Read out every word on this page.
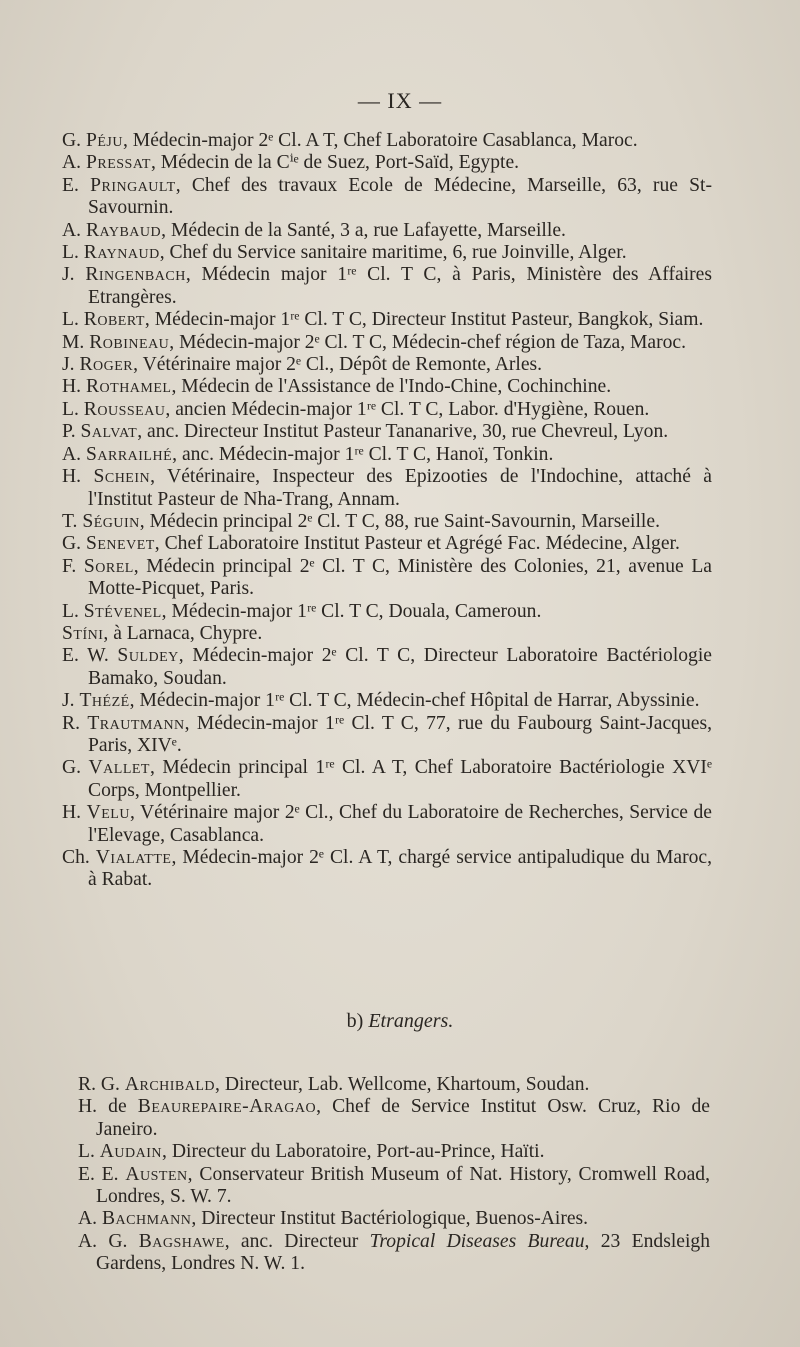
— IX —
G. Péju, Médecin-major 2ᵉ Cl. A T, Chef Laboratoire Casablanca, Maroc.
A. Pressat, Médecin de la Cⁱᵉ de Suez, Port-Saïd, Egypte.
E. Pringault, Chef des travaux Ecole de Médecine, Marseille, 63, rue St-Savournin.
A. Raybaud, Médecin de la Santé, 3 a, rue Lafayette, Marseille.
L. Raynaud, Chef du Service sanitaire maritime, 6, rue Joinville, Alger.
J. Ringenbach, Médecin major 1ʳᵉ Cl. T C, à Paris, Ministère des Affaires Etrangères.
L. Robert, Médecin-major 1ʳᵉ Cl. T C, Directeur Institut Pasteur, Bangkok, Siam.
M. Robineau, Médecin-major 2ᵉ Cl. T C, Médecin-chef région de Taza, Maroc.
J. Roger, Vétérinaire major 2ᵉ Cl., Dépôt de Remonte, Arles.
H. Rothamel, Médecin de l'Assistance de l'Indo-Chine, Cochinchine.
L. Rousseau, ancien Médecin-major 1ʳᵉ Cl. T C, Labor. d'Hygiène, Rouen.
P. Salvat, anc. Directeur Institut Pasteur Tananarive, 30, rue Chevreul, Lyon.
A. Sarrailhé, anc. Médecin-major 1ʳᵉ Cl. T C, Hanoï, Tonkin.
H. Schein, Vétérinaire, Inspecteur des Epizooties de l'Indochine, attaché à l'Institut Pasteur de Nha-Trang, Annam.
T. Séguin, Médecin principal 2ᵉ Cl. T C, 88, rue Saint-Savournin, Marseille.
G. Senevet, Chef Laboratoire Institut Pasteur et Agrégé Fac. Médecine, Alger.
F. Sorel, Médecin principal 2ᵉ Cl. T C, Ministère des Colonies, 21, avenue La Motte-Picquet, Paris.
L. Stévenel, Médecin-major 1ʳᵉ Cl. T C, Douala, Cameroun.
Stíni, à Larnaca, Chypre.
E. W. Suldey, Médecin-major 2ᵉ Cl. T C, Directeur Laboratoire Bactériologie Bamako, Soudan.
J. Thézé, Médecin-major 1ʳᵉ Cl. T C, Médecin-chef Hôpital de Harrar, Abyssinie.
R. Trautmann, Médecin-major 1ʳᵉ Cl. T C, 77, rue du Faubourg Saint-Jacques, Paris, XIVᵉ.
G. Vallet, Médecin principal 1ʳᵉ Cl. A T, Chef Laboratoire Bactériologie XVIᵉ Corps, Montpellier.
H. Velu, Vétérinaire major 2ᵉ Cl., Chef du Laboratoire de Recherches, Service de l'Elevage, Casablanca.
Ch. Vialatte, Médecin-major 2ᵉ Cl. A T, chargé service antipaludique du Maroc, à Rabat.
b) Etrangers.
R. G. Archibald, Directeur, Lab. Wellcome, Khartoum, Soudan.
H. de Beaurepaire-Aragao, Chef de Service Institut Osw. Cruz, Rio de Janeiro.
L. Audain, Directeur du Laboratoire, Port-au-Prince, Haïti.
E. E. Austen, Conservateur British Museum of Nat. History, Cromwell Road, Londres, S. W. 7.
A. Bachmann, Directeur Institut Bactériologique, Buenos-Aires.
A. G. Bagshawe, anc. Directeur Tropical Diseases Bureau, 23 Endsleigh Gardens, Londres N. W. 1.
